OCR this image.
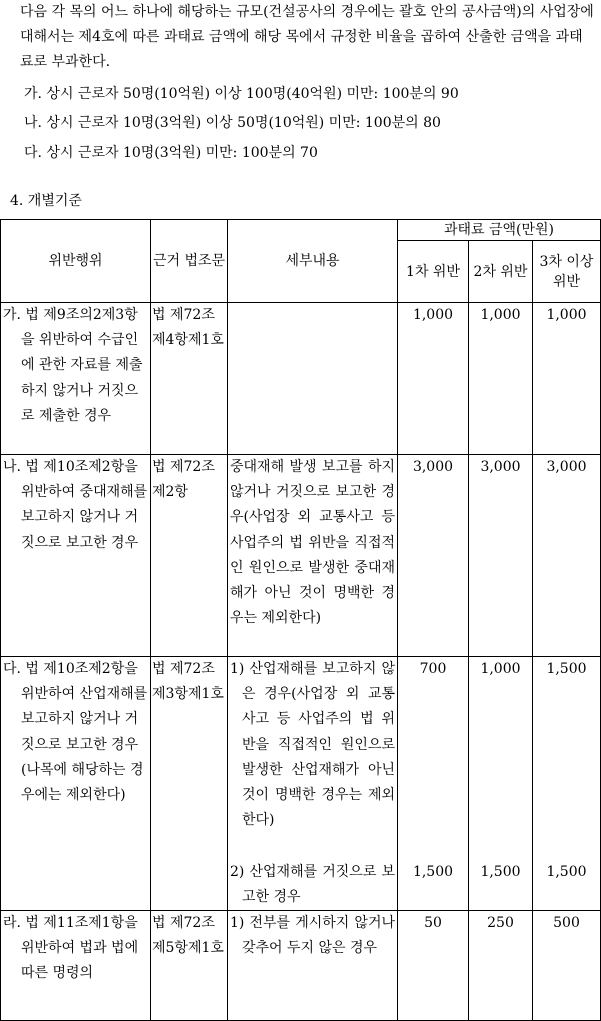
다음 각 목의 어느 하나에 해당하는 규모(건설공사의 경우에는 괄호 안의 공사금액)의 사업장에 대해서는 제4호에 따른 과태료 금액에 해당 목에서 규정한 비율을 곱하여 산출한 금액을 과태료로 부과한다.
가. 상시 근로자 50명(10억원) 이상 100명(40억원) 미만: 100분의 90
나. 상시 근로자 10명(3억원) 이상 50명(10억원) 미만: 100분의 80
다. 상시 근로자 10명(3억원) 미만: 100분의 70
4. 개별기준
위반행위	근거 법조문	세부내용	과태료 금액(만원)		
			1차 위반	2차 위반	3차 이상 위반

가. 법 제9조의2제3항을 위반하여 수급인에 관한 자료를 제출하지 않거나 거짓으로 제출한 경우	법 제72조제4항제1호		1,000	1,000	1,000

나. 법 제10조제2항을 위반하여 중대재해를 보고하지 않거나 거짓으로 보고한 경우	법 제72조제2항	중대재해 발생 보고를 하지 않거나 거짓으로 보고한 경우(사업장 외 교통사고 등 사업주의 법 위반을 직접적인 원인으로 발생한 중대재해가 아닌 것이 명백한 경우는 제외한다)	3,000	3,000	3,000

다. 법 제10조제2항을 위반하여 산업재해를 보고하지 않거나 거짓으로 보고한 경우(나목에 해당하는 경우에는 제외한다)	법 제72조제3항제1호	1) 산업재해를 보고하지 않은 경우(사업장 외 교통사고 등 사업주의 법 위반을 직접적인 원인으로 발생한 산업재해가 아닌 것이 명백한 경우는 제외한다)	700	1,000	1,500

		2) 산업재해를 거짓으로 보고한 경우	1,500	1,500	1,500

라. 법 제11조제1항을 위반하여 법과 법에 따른 명령의	법 제72조제5항제1호	1) 전부를 게시하지 않거나 갖추어 두지 않은 경우	50	250	500
